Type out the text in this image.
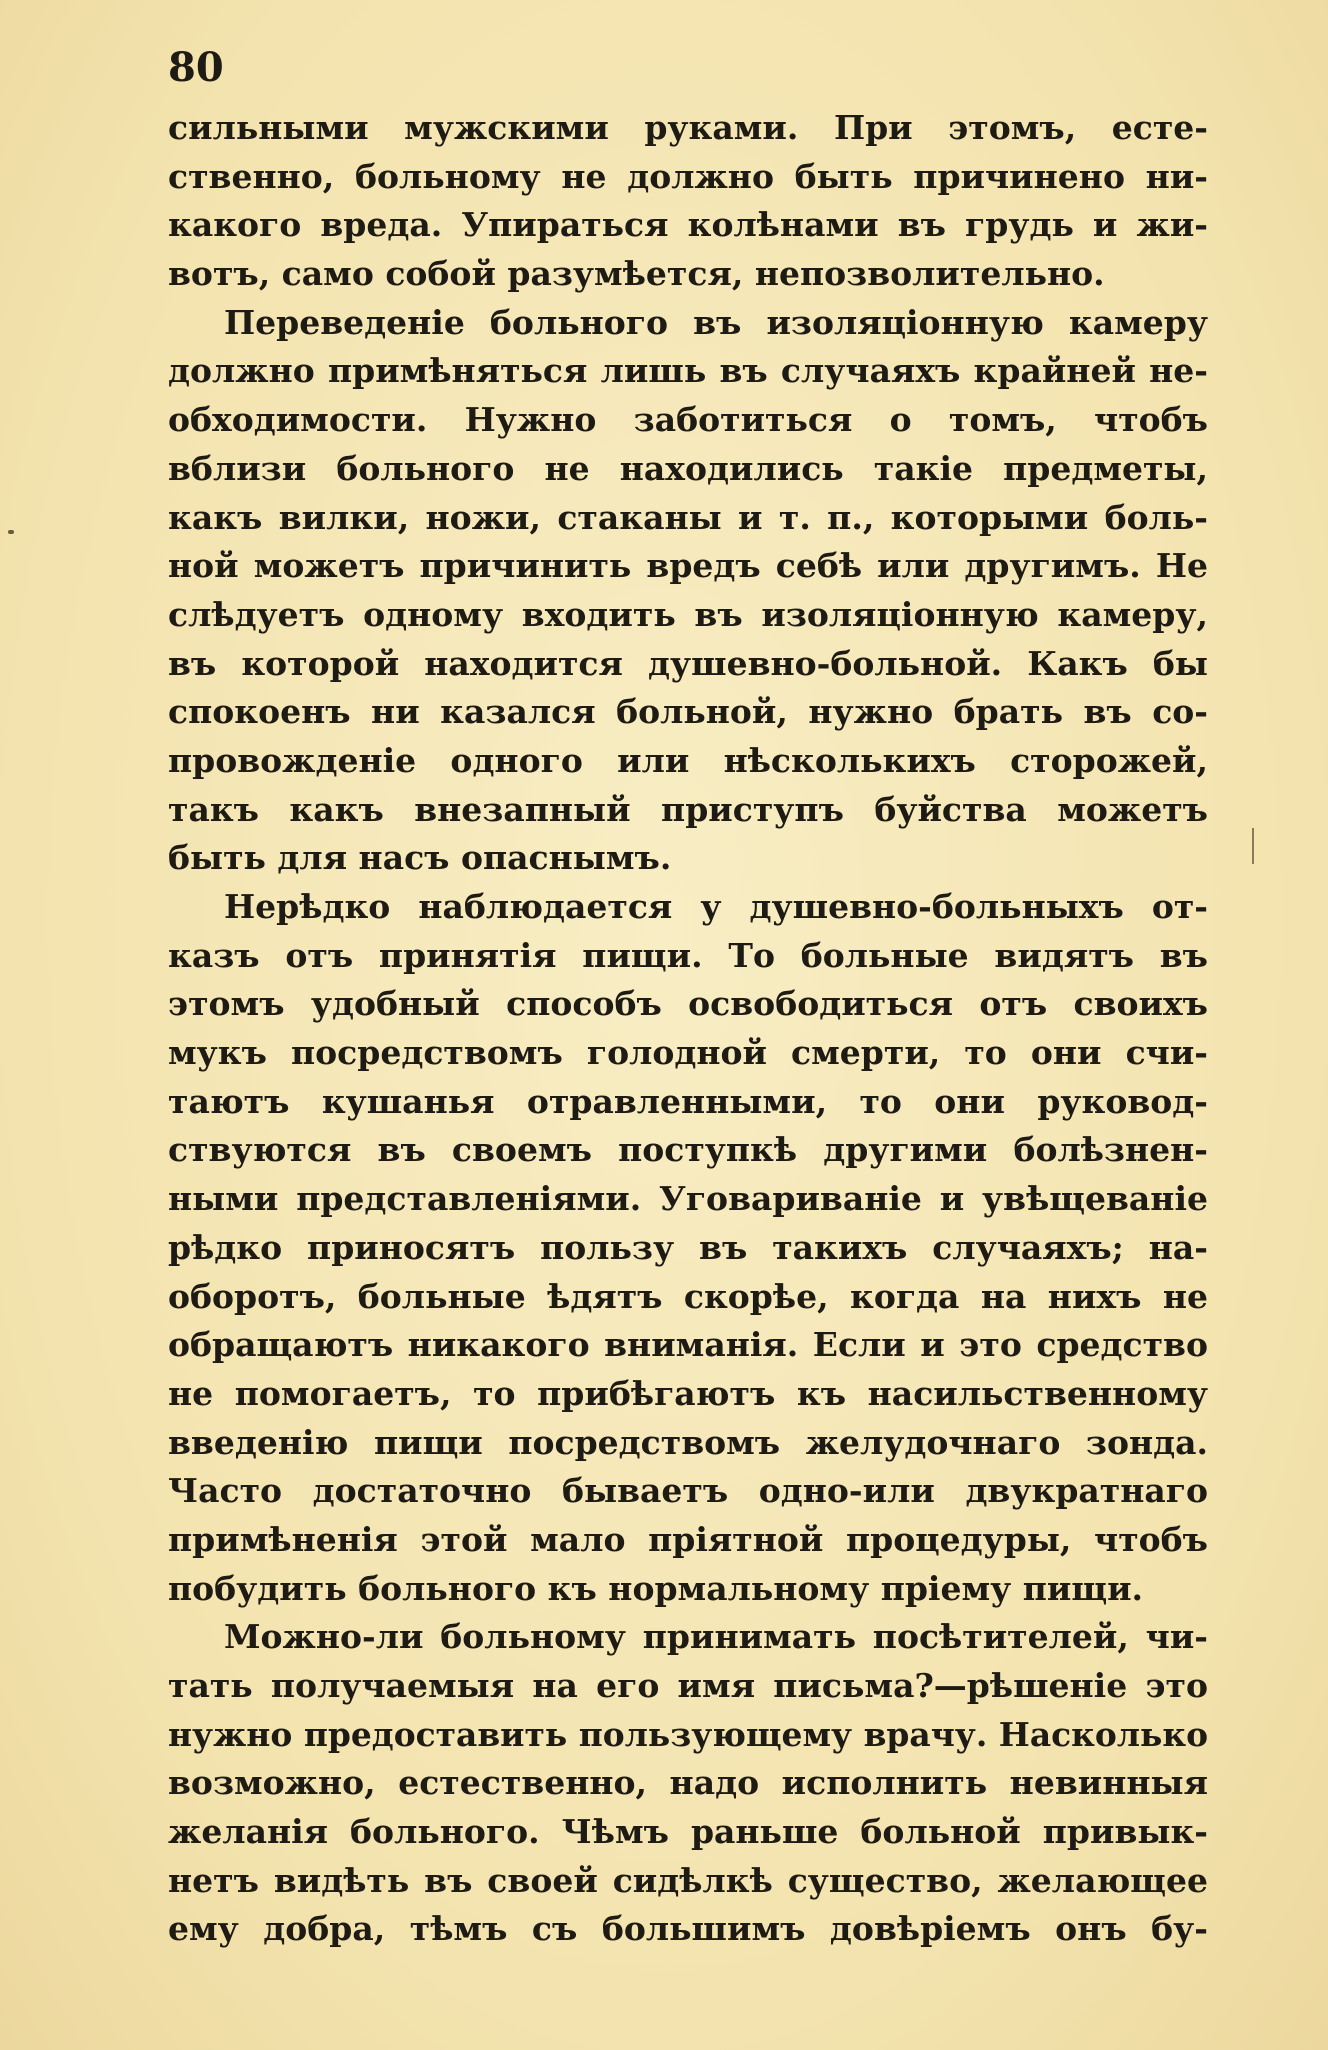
80

сильными мужскими руками. При этомъ, есте-
ственно, больному не должно быть причинено ни-
какого вреда. Упираться колѣнами въ грудь и жи-
вотъ, само собой разумѣется, непозволительно.

Переведеніе больного въ изоляціонную камеру
должно примѣняться лишь въ случаяхъ крайней не-
обходимости. Нужно заботиться о томъ, чтобъ
вблизи больного не находились такіе предметы,
какъ вилки, ножи, стаканы и т. п., которыми боль-
ной можетъ причинить вредъ себѣ или другимъ. Не
слѣдуетъ одному входить въ изоляціонную камеру,
въ которой находится душевно-больной. Какъ бы
спокоенъ ни казался больной, нужно брать въ со-
провожденіе одного или нѣсколькихъ сторожей,
такъ какъ внезапный приступъ буйства можетъ
быть для насъ опаснымъ.

Нерѣдко наблюдается у душевно-больныхъ от-
казъ отъ принятія пищи. То больные видятъ въ
этомъ удобный способъ освободиться отъ своихъ
мукъ посредствомъ голодной смерти, то они счи-
таютъ кушанья отравленными, то они руковод-
ствуются въ своемъ поступкѣ другими болѣзнен-
ными представленіями. Уговариваніе и увѣщеваніе
рѣдко приносятъ пользу въ такихъ случаяхъ; на-
оборотъ, больные ѣдятъ скорѣе, когда на нихъ не
обращаютъ никакого вниманія. Если и это средство
не помогаетъ, то прибѣгаютъ къ насильственному
введенію пищи посредствомъ желудочнаго зонда.
Часто достаточно бываетъ одно-или двукратнаго
примѣненія этой мало пріятной процедуры, чтобъ
побудить больного къ нормальному пріему пищи.

Можно-ли больному принимать посѣтителей, чи-
тать получаемыя на его имя письма?—рѣшеніе это
нужно предоставить пользующему врачу. Насколько
возможно, естественно, надо исполнить невинныя
желанія больного. Чѣмъ раньше больной привык-
нетъ видѣть въ своей сидѣлкѣ существо, желающее
ему добра, тѣмъ съ большимъ довѣріемъ онъ бу-
